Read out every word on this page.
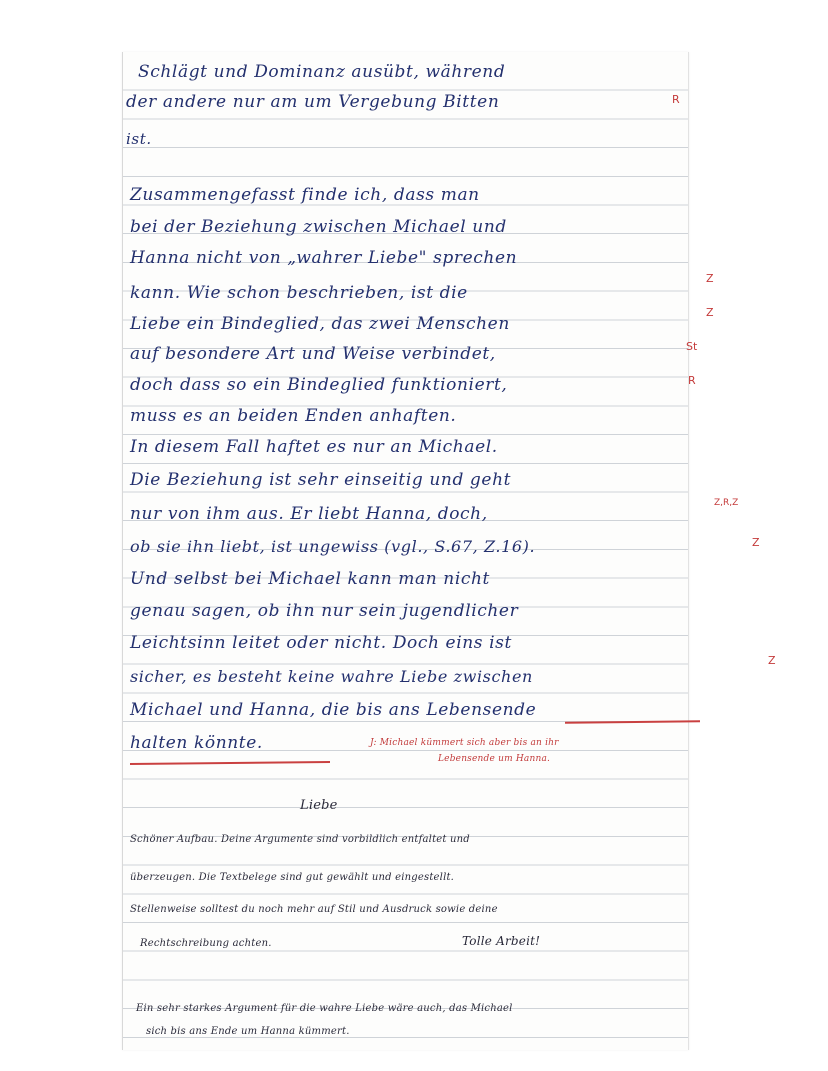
Schlägt und Dominanz ausübt, während
der andere nur am um Vergebung Bitten
ist.
Zusammengefasst finde ich, dass man
bei der Beziehung zwischen Michael und
Hanna nicht von „wahrer Liebe" sprechen
kann. Wie schon beschrieben, ist die
Liebe ein Bindeglied, das zwei Menschen
auf besondere Art und Weise verbindet,
doch dass so ein Bindeglied funktioniert,
muss es an beiden Enden anhaften.
In diesem Fall haftet es nur an Michael.
Die Beziehung ist sehr einseitig und geht
nur von ihm aus. Er liebt Hanna, doch,
ob sie ihn liebt, ist ungewiss (vgl., S.67, Z.16).
Und selbst bei Michael kann man nicht
genau sagen, ob ihn nur sein jugendlicher
Leichtsinn leitet oder nicht. Doch eins ist
sicher, es besteht keine wahre Liebe zwischen
Michael und Hanna, die bis ans Lebensende
halten könnte.	J: Michael kümmert sich aber bis an ihr
Lebensende um Hanna.
R
Z
Z
St
R
Z,R,Z
Z
Z
Liebe
Schöner Aufbau. Deine Argumente sind vorbildlich entfaltet und
überzeugen. Die Textbelege sind gut gewählt und eingestellt.
Stellenweise solltest du noch mehr auf Stil und Ausdruck sowie deine
Rechtschreibung achten.	Tolle Arbeit!
Ein sehr starkes Argument für die wahre Liebe wäre auch, das Michael
sich bis ans Ende um Hanna kümmert.
